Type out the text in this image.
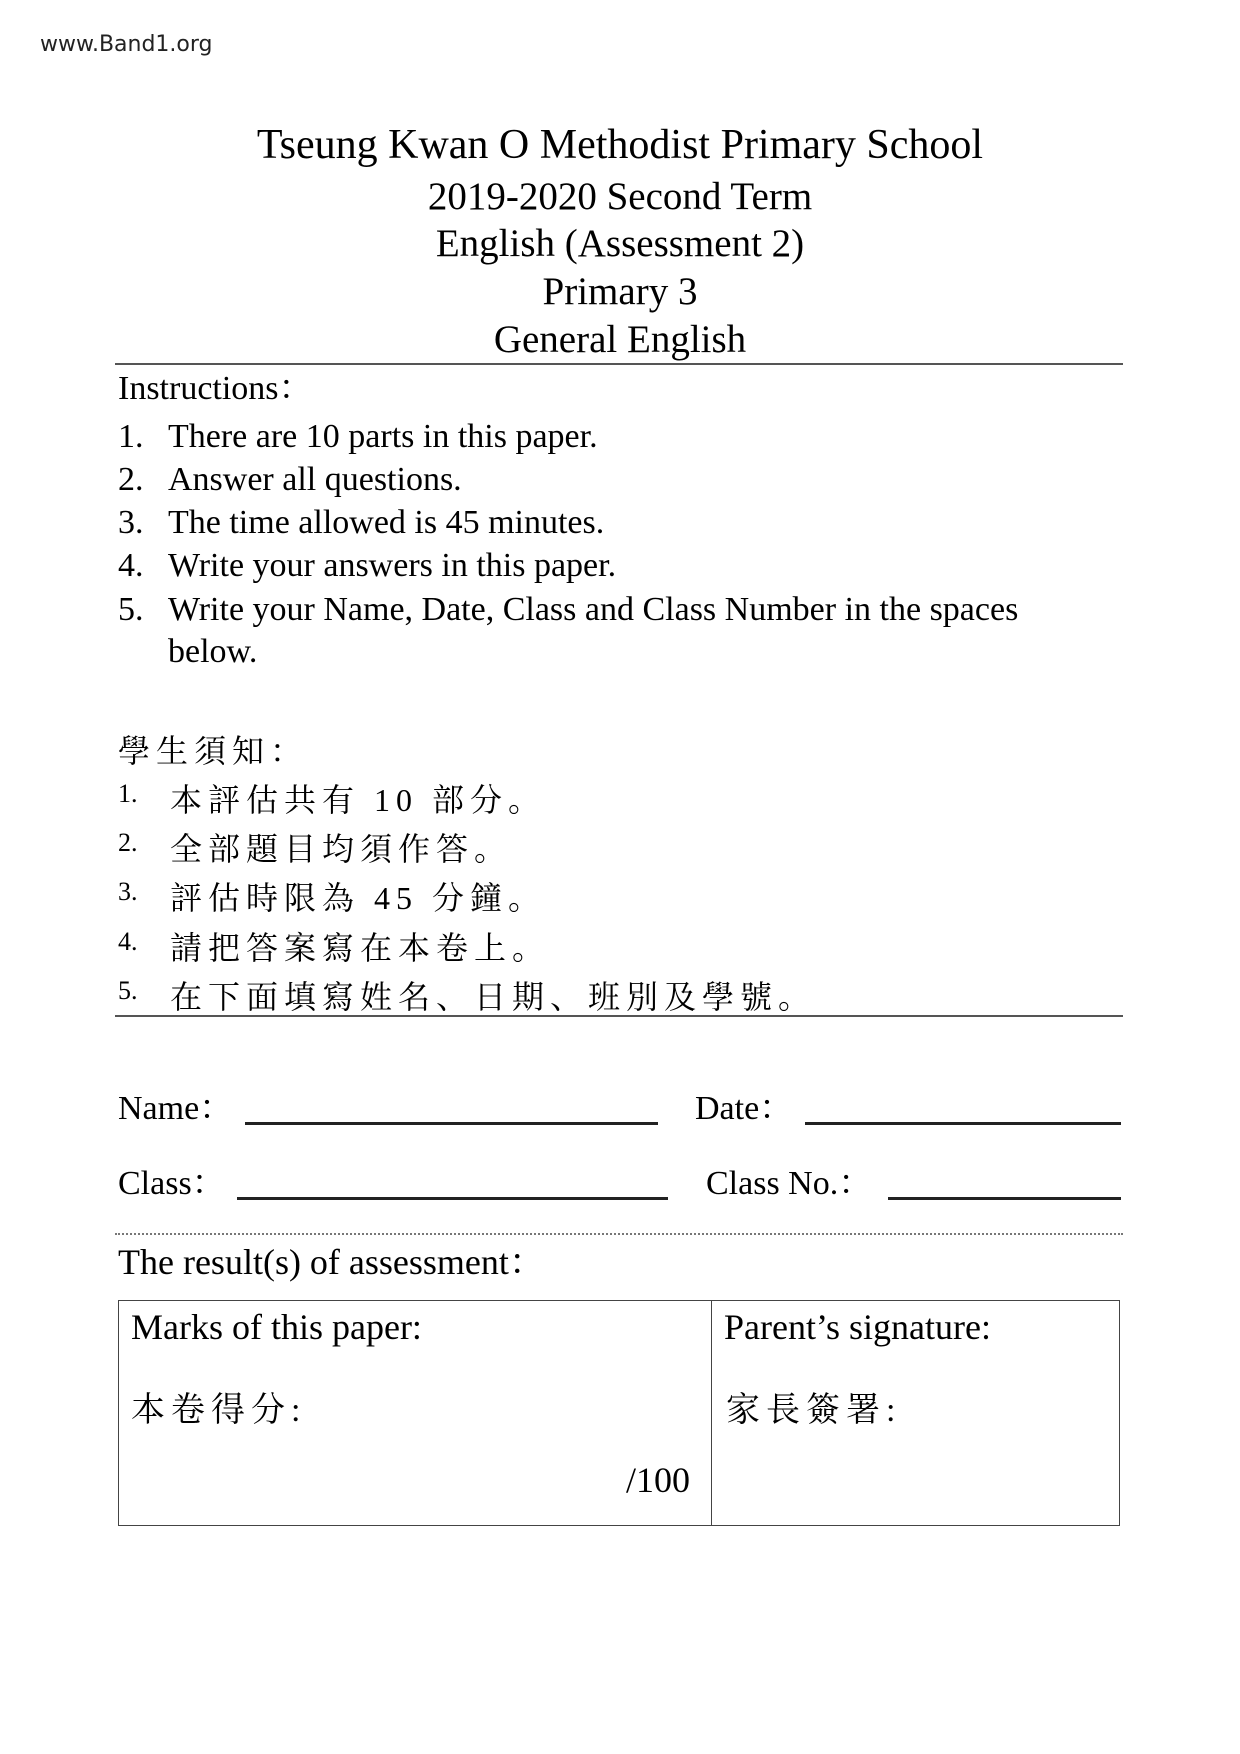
www.Band1.org
Tseung Kwan O Methodist Primary School
2019-2020 Second Term
English (Assessment 2)
Primary 3
General English
Instructions：
1. There are 10 parts in this paper.
2. Answer all questions.
3. The time allowed is 45 minutes.
4. Write your answers in this paper.
5. Write your Name, Date, Class and Class Number in the spaces
below.
學生須知：
1. 本評估共有 10 部分。
2. 全部題目均須作答。
3. 評估時限為 45 分鐘。
4. 請把答案寫在本卷上。
5. 在下面填寫姓名、日期、班別及學號。
Name：	Date：
Class：	Class No.：
The result(s) of assessment：
Marks of this paper:
本卷得分:
/100
Parent’s signature:
家長簽署:
